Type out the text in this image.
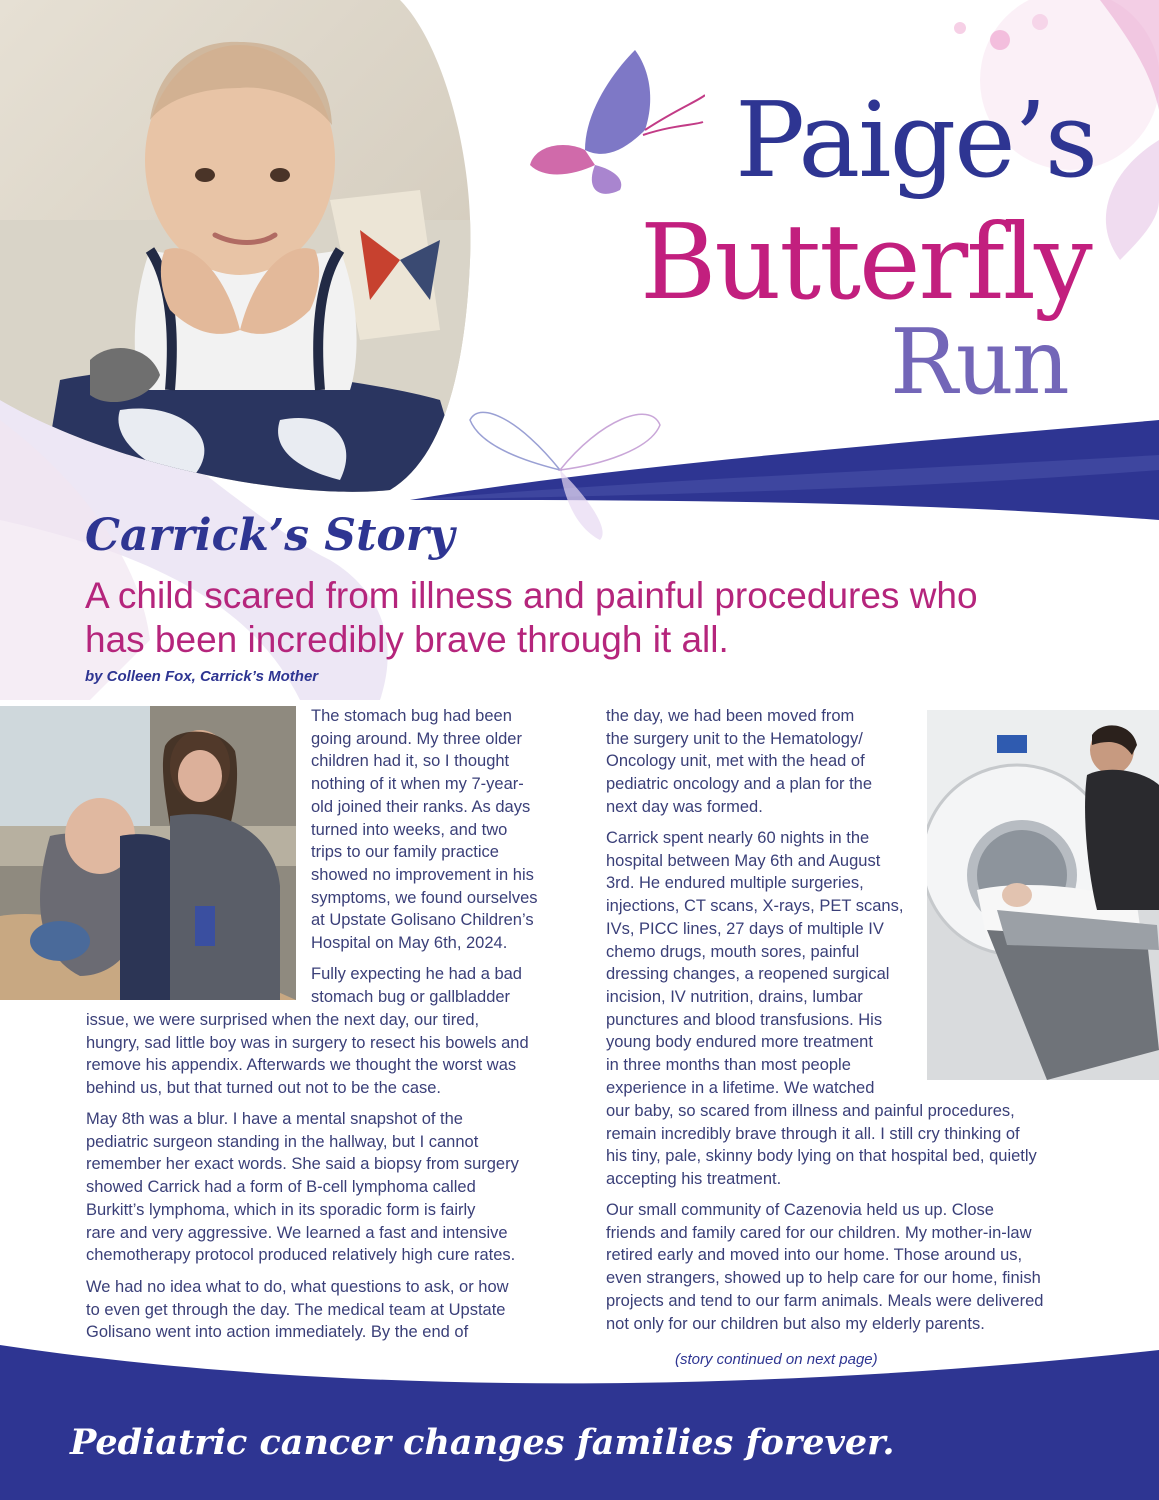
Paige’s
Butterfly
Run
Carrick’s Story
A child scared from illness and painful procedures who has been incredibly brave through it all.
by Colleen Fox, Carrick’s Mother
The stomach bug had been
going around. My three older
children had it, so I thought
nothing of it when my 7-year-
old joined their ranks. As days
turned into weeks, and two
trips to our family practice
showed no improvement in his
symptoms, we found ourselves
at Upstate Golisano Children’s
Hospital on May 6th, 2024.
Fully expecting he had a bad
stomach bug or gallbladder
issue, we were surprised when the next day, our tired,
hungry, sad little boy was in surgery to resect his bowels and
remove his appendix. Afterwards we thought the worst was
behind us, but that turned out not to be the case.
May 8th was a blur. I have a mental snapshot of the
pediatric surgeon standing in the hallway, but I cannot
remember her exact words. She said a biopsy from surgery
showed Carrick had a form of B-cell lymphoma called
Burkitt’s lymphoma, which in its sporadic form is fairly
rare and very aggressive. We learned a fast and intensive
chemotherapy protocol produced relatively high cure rates.
We had no idea what to do, what questions to ask, or how
to even get through the day. The medical team at Upstate
Golisano went into action immediately. By the end of
the day, we had been moved from
the surgery unit to the Hematology/
Oncology unit, met with the head of
pediatric oncology and a plan for the
next day was formed.
Carrick spent nearly 60 nights in the
hospital between May 6th and August
3rd. He endured multiple surgeries,
injections, CT scans, X-rays, PET scans,
IVs, PICC lines, 27 days of multiple IV
chemo drugs, mouth sores, painful
dressing changes, a reopened surgical
incision, IV nutrition, drains, lumbar
punctures and blood transfusions. His
young body endured more treatment
in three months than most people
experience in a lifetime. We watched
our baby, so scared from illness and painful procedures,
remain incredibly brave through it all. I still cry thinking of
his tiny, pale, skinny body lying on that hospital bed, quietly
accepting his treatment.
Our small community of Cazenovia held us up. Close
friends and family cared for our children. My mother-in-law
retired early and moved into our home. Those around us,
even strangers, showed up to help care for our home, finish
projects and tend to our farm animals. Meals were delivered
not only for our children but also my elderly parents.
(story continued on next page)
Pediatric cancer changes families forever.
